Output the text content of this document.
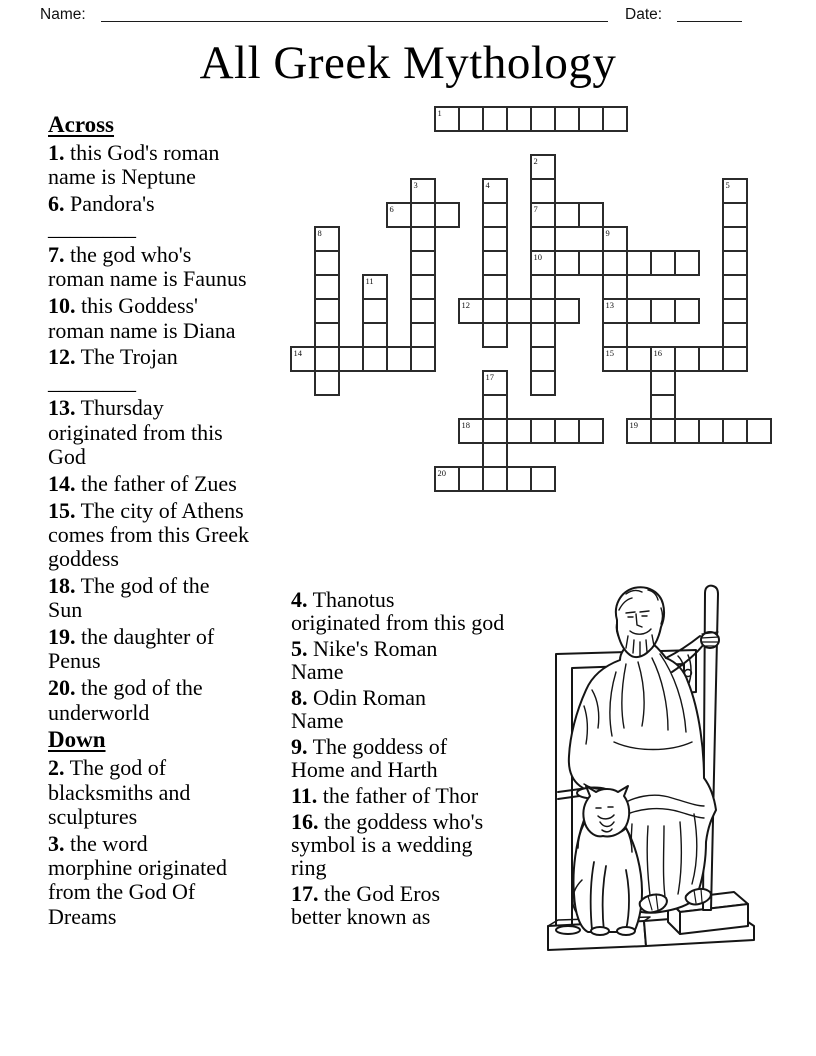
Name:	Date:
All Greek Mythology
1
2
7
10
3	4	5
6
8	9
13
15
11
12
14	16
17
18	19
20
Across
1. this God's roman
name is Neptune
6. Pandora's
________
7. the god who's
roman name is Faunus
10. this Goddess'
roman name is Diana
12. The Trojan
________
13. Thursday
originated from this
God
14. the father of Zues
15. The city of Athens
comes from this Greek
goddess
18. The god of the
Sun
19. the daughter of
Penus
20. the god of the
underworld
Down
2. The god of
blacksmiths and
sculptures
3. the word
morphine originated
from the God Of
Dreams
4. Thanotus
originated from this god
5. Nike's Roman
Name
8. Odin Roman
Name
9. The goddess of
Home and Harth
11. the father of Thor
16. the goddess who's
symbol is a wedding
ring
17. the God Eros
better known as
